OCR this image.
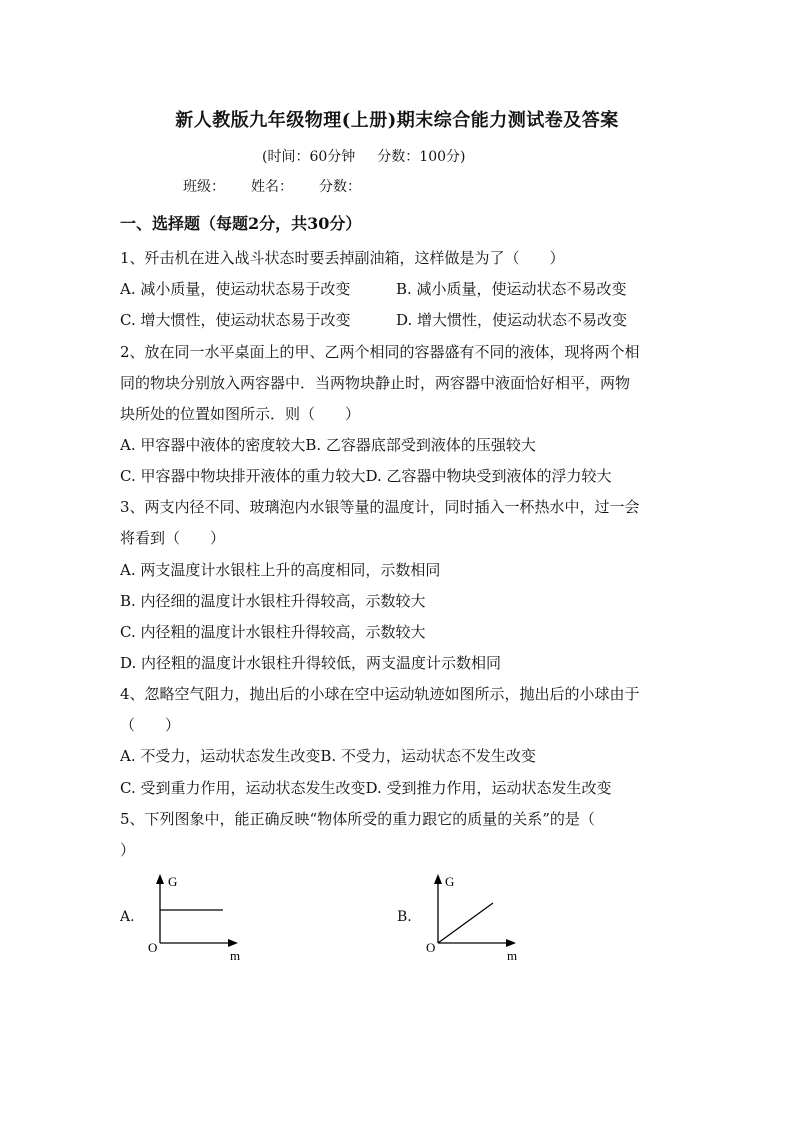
新人教版九年级物理(上册)期末综合能力测试卷及答案
(时间：60分钟 分数：100分)
班级： 姓名： 分数：
一、选择题（每题2分，共30分）
1、歼击机在进入战斗状态时要丢掉副油箱，这样做是为了（　　）
A. 减小质量，使运动状态易于改变	B. 减小质量，使运动状态不易改变
C. 增大惯性，使运动状态易于改变	D. 增大惯性，使运动状态不易改变
2、放在同一水平桌面上的甲、乙两个相同的容器盛有不同的液体，现将两个相
同的物块分别放入两容器中．当两物块静止时，两容器中液面恰好相平，两物
块所处的位置如图所示．则（　　）
A. 甲容器中液体的密度较大B. 乙容器底部受到液体的压强较大
C. 甲容器中物块排开液体的重力较大D. 乙容器中物块受到液体的浮力较大
3、两支内径不同、玻璃泡内水银等量的温度计，同时插入一杯热水中，过一会
将看到（　　）
A. 两支温度计水银柱上升的高度相同，示数相同
B. 内径细的温度计水银柱升得较高，示数较大
C. 内径粗的温度计水银柱升得较高，示数较大
D. 内径粗的温度计水银柱升得较低，两支温度计示数相同
4、忽略空气阻力，抛出后的小球在空中运动轨迹如图所示，抛出后的小球由于
（　　）
A. 不受力，运动状态发生改变B. 不受力，运动状态不发生改变
C. 受到重力作用，运动状态发生改变D. 受到推力作用，运动状态发生改变
5、下列图象中，能正确反映“物体所受的重力跟它的质量的关系”的是（
）
A.
G
O
m
B.
G
O
m
